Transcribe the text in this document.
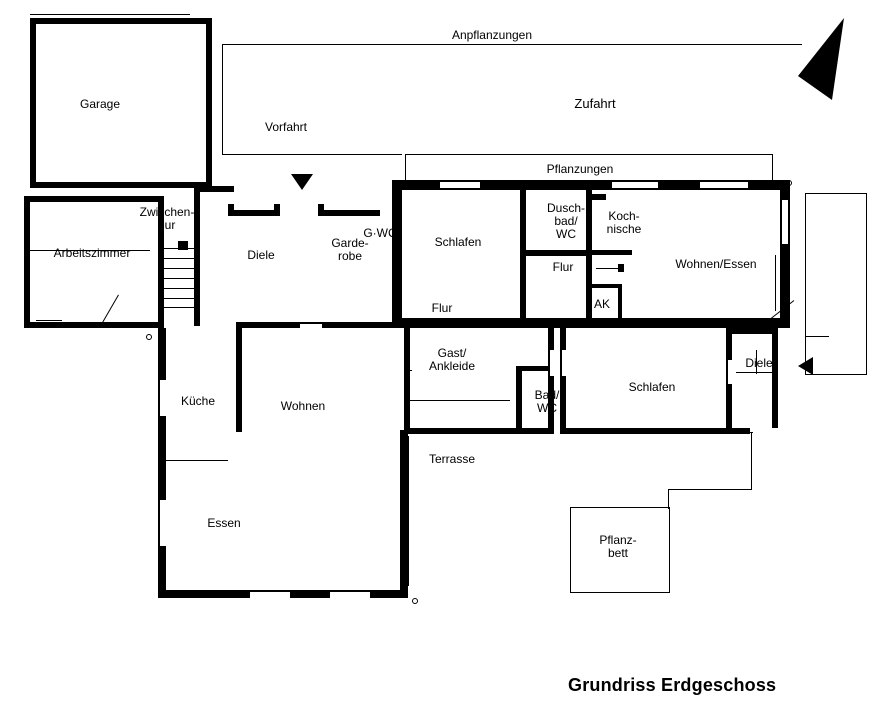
Anpflanzungen
Zufahrt
Vorfahrt
Pflanzungen
Pflanz-
bett
Garage
Arbeitszimmer
Zwischen-
flur
Diele
Garde-
robe
G·WC
Schlafen
Dusch-
bad/
WC
Koch-
nische
Flur	Wohnen/Essen
Flur	AK
Küche	Wohnen
Essen
Gast/
Ankleide
Bad/
WC
Schlafen
Diele
Terrasse
Grundriss Erdgeschoss
